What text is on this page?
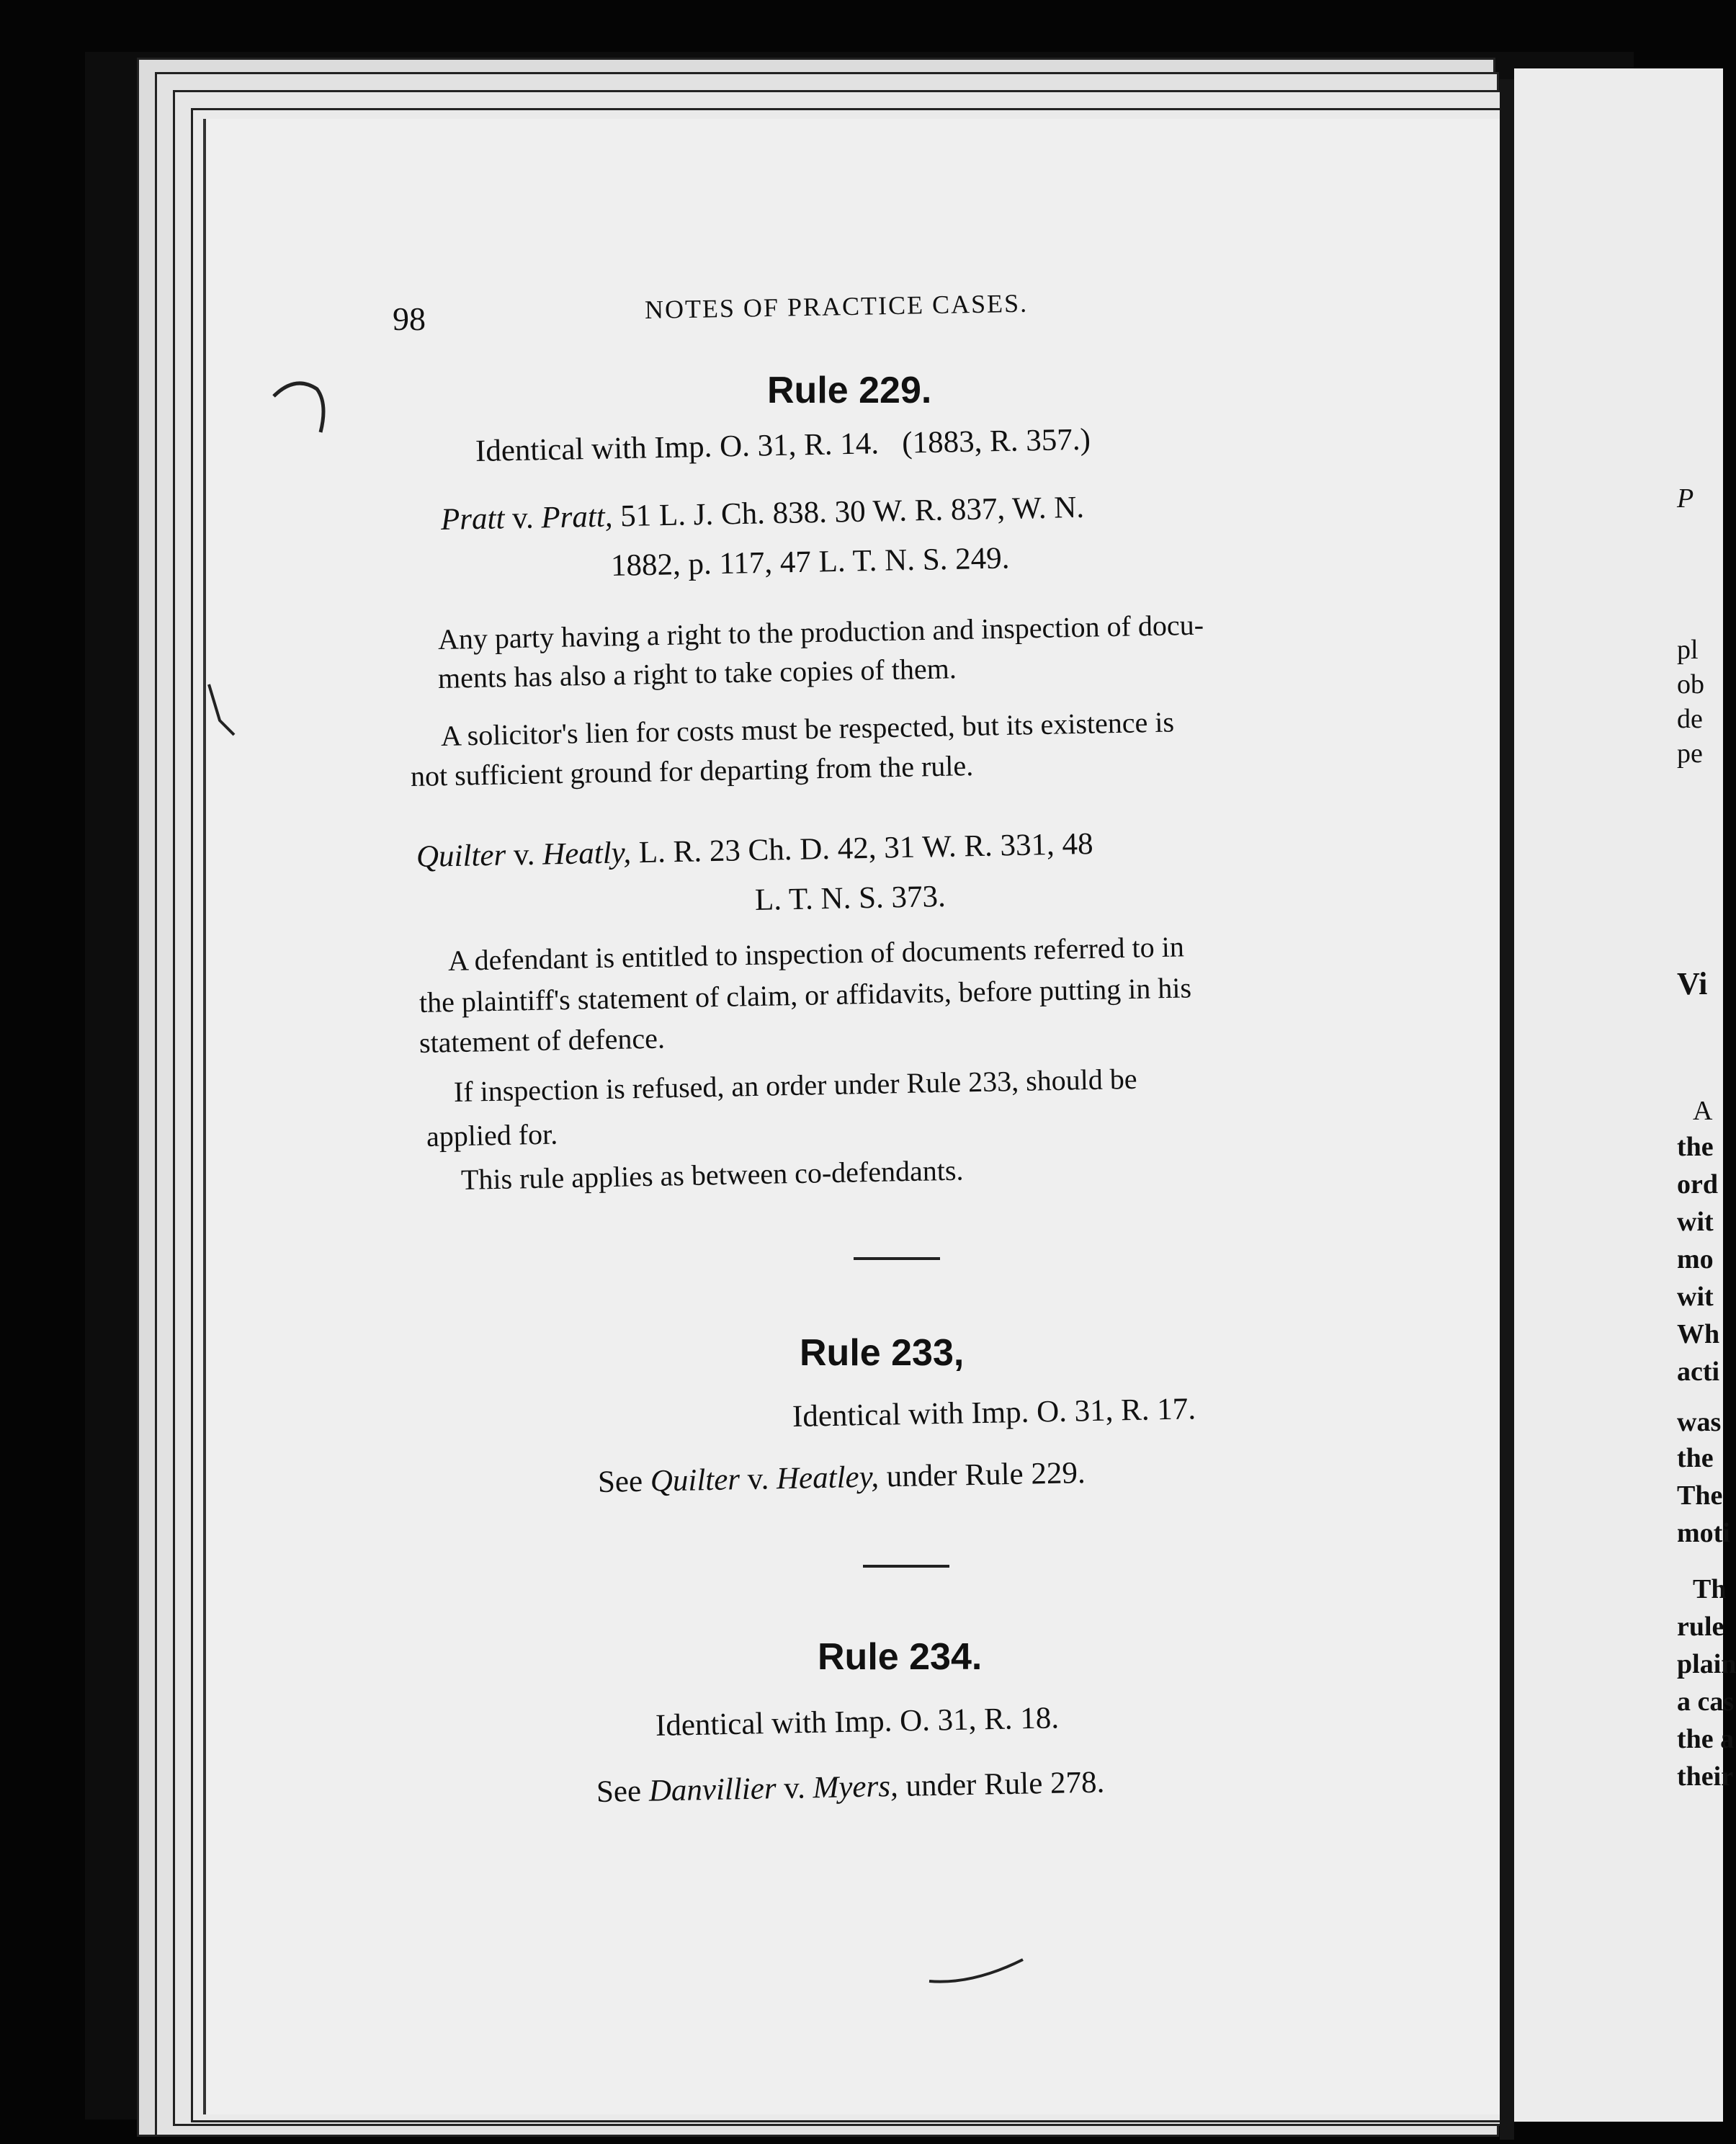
98	NOTES OF PRACTICE CASES.
Rule 229.
Identical with Imp. O. 31, R. 14.   (1883, R. 357.)
Pratt v. Pratt, 51 L. J. Ch. 838. 30 W. R. 837, W. N.
1882, p. 117, 47 L. T. N. S. 249.
Any party having a right to the production and inspection of docu-
ments has also a right to take copies of them.
A solicitor's lien for costs must be respected, but its existence is
not sufficient ground for departing from the rule.
Quilter v. Heatly, L. R. 23 Ch. D. 42, 31 W. R. 331, 48
L. T. N. S. 373.
A defendant is entitled to inspection of documents referred to in
the plaintiff's statement of claim, or affidavits, before putting in his
statement of defence.
If inspection is refused, an order under Rule 233, should be
applied for.
This rule applies as between co-defendants.
Rule 233,
Identical with Imp. O. 31, R. 17.
See Quilter v. Heatley, under Rule 229.
Rule 234.
Identical with Imp. O. 31, R. 18.
See Danvillier v. Myers, under Rule 278.
P
pl
ob
de
pe
Vi
A
the
ord
wit
mo
wit
Wh
acti
was
the
The
moti
Th
rule
plain
a cas
the a
their
